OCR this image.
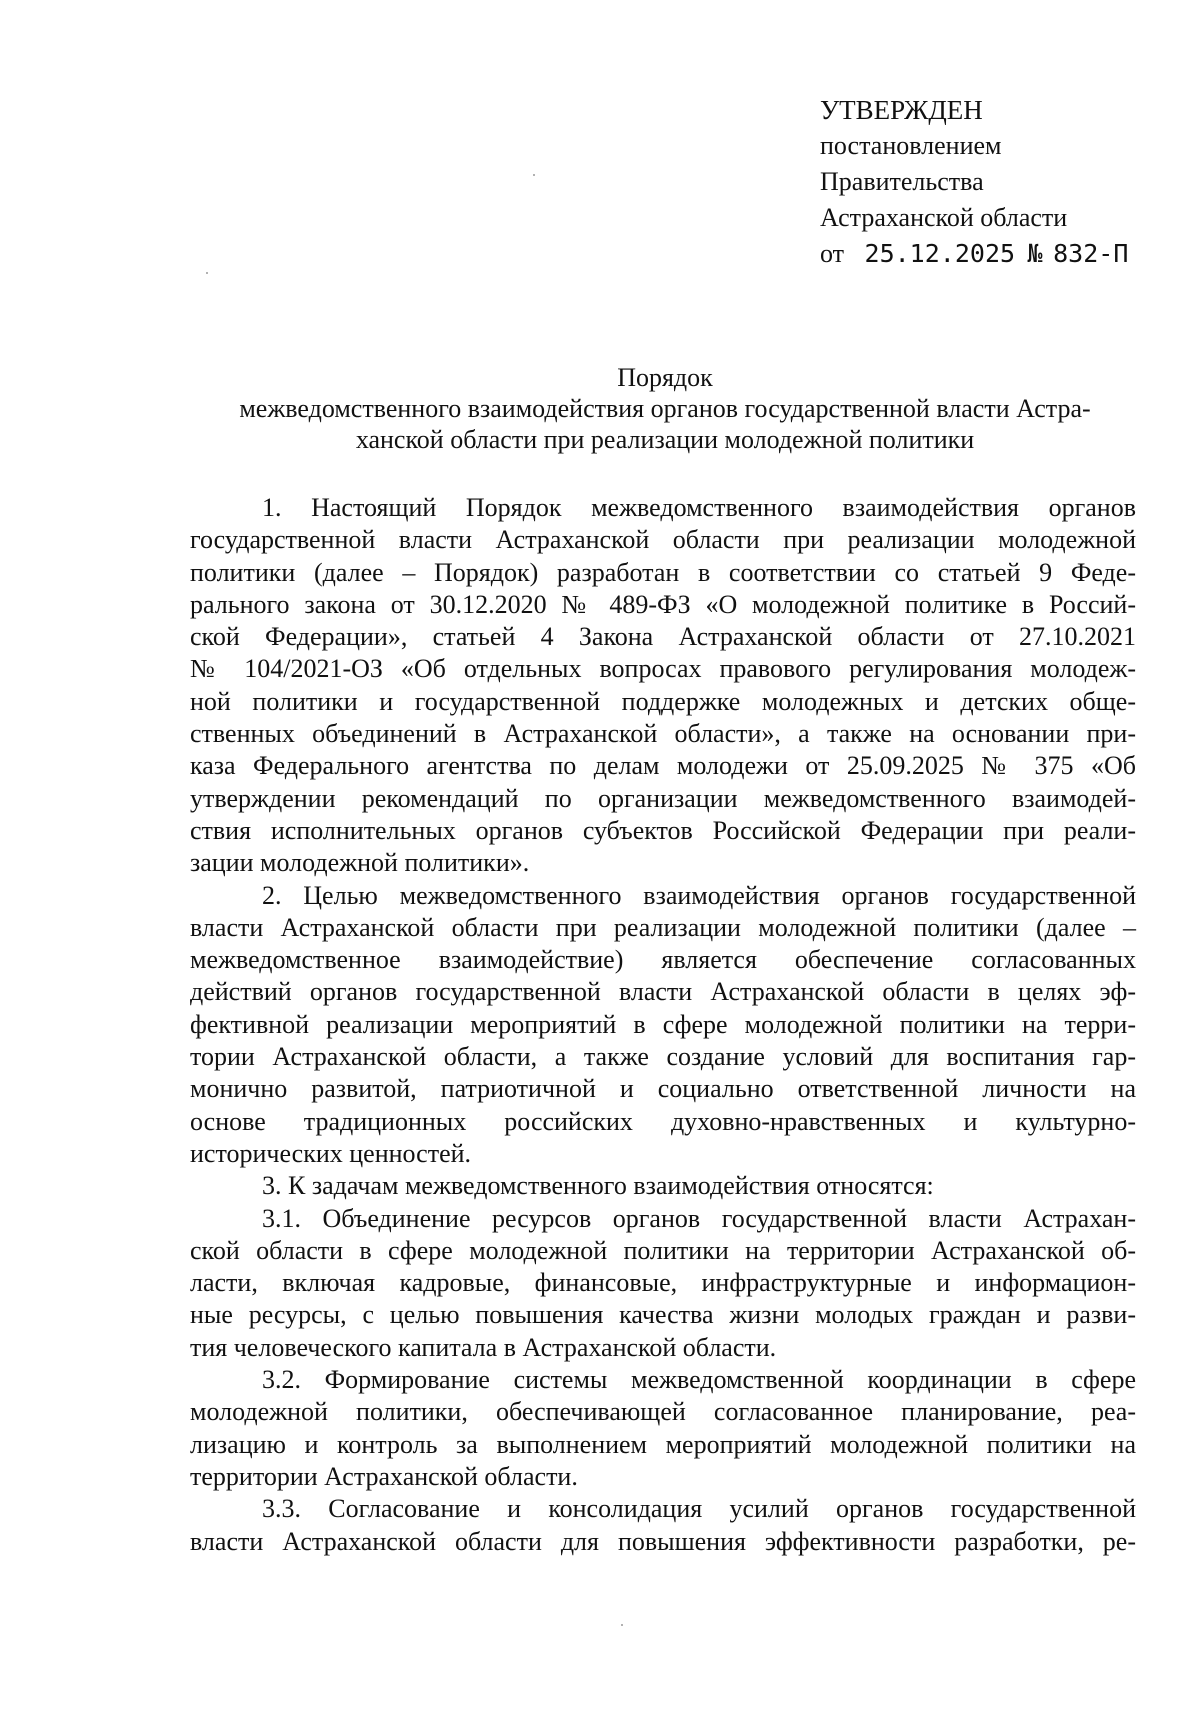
УТВЕРЖДЕН
постановлением
Правительства
Астраханской области
от 25.12.2025 № 832-П
Порядок
межведомственного взаимодействия органов государственной власти Астра-
ханской области при реализации молодежной политики
1. Настоящий Порядок межведомственного взаимодействия органов
государственной власти Астраханской области при реализации молодежной
политики (далее – Порядок) разработан в соответствии со статьей 9 Феде-
рального закона от 30.12.2020 № 489-ФЗ «О молодежной политике в Россий-
ской Федерации», статьей 4 Закона Астраханской области от 27.10.2021
№ 104/2021-ОЗ «Об отдельных вопросах правового регулирования молодеж-
ной политики и государственной поддержке молодежных и детских обще-
ственных объединений в Астраханской области», а также на основании при-
каза Федерального агентства по делам молодежи от 25.09.2025 № 375 «Об
утверждении рекомендаций по организации межведомственного взаимодей-
ствия исполнительных органов субъектов Российской Федерации при реали-
зации молодежной политики».
2. Целью межведомственного взаимодействия органов государственной
власти Астраханской области при реализации молодежной политики (далее –
межведомственное взаимодействие) является обеспечение согласованных
действий органов государственной власти Астраханской области в целях эф-
фективной реализации мероприятий в сфере молодежной политики на терри-
тории Астраханской области, а также создание условий для воспитания гар-
монично развитой, патриотичной и социально ответственной личности на
основе традиционных российских духовно-нравственных и культурно-
исторических ценностей.
3. К задачам межведомственного взаимодействия относятся:
3.1. Объединение ресурсов органов государственной власти Астрахан-
ской области в сфере молодежной политики на территории Астраханской об-
ласти, включая кадровые, финансовые, инфраструктурные и информацион-
ные ресурсы, с целью повышения качества жизни молодых граждан и разви-
тия человеческого капитала в Астраханской области.
3.2. Формирование системы межведомственной координации в сфере
молодежной политики, обеспечивающей согласованное планирование, реа-
лизацию и контроль за выполнением мероприятий молодежной политики на
территории Астраханской области.
3.3. Согласование и консолидация усилий органов государственной
власти Астраханской области для повышения эффективности разработки, ре-
